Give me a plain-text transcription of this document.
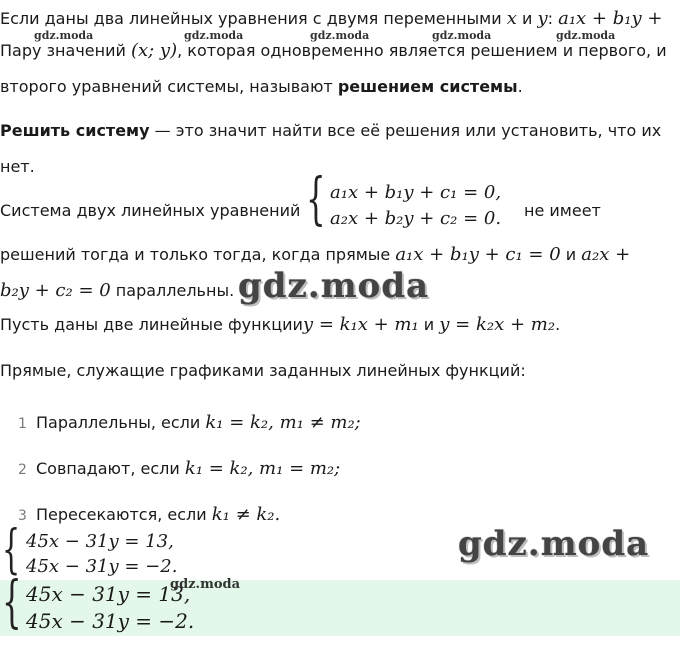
Если даны два линейных уравнения с двумя переменными x и y: a₁x + b₁y +
gdz.moda	gdz.moda	gdz.moda	gdz.moda	gdz.moda
Пару значений (x; y), которая одновременно является решением и первого, и
второго уравнений системы, называют решением системы.
Решить систему — это значит найти все её решения или установить, что их
нет.
Система двух линейных уравнений { a₁x + b₁y + c₁ = 0,
a₂x + b₂y + c₂ = 0. не имеет
решений тогда и только тогда, когда прямые a₁x + b₁y + c₁ = 0 и a₂x +
b₂y + c₂ = 0 параллельны. gdz.moda
Пусть даны две линейные функцииy = k₁x + m₁ и y = k₂x + m₂.
Прямые, служащие графиками заданных линейных функций:
1 Параллельны, если k₁ = k₂, m₁ ≠ m₂;
2 Совпадают, если k₁ = k₂, m₁ = m₂;
3 Пересекаются, если k₁ ≠ k₂.
{ 45x − 31y = 13,
45x − 31y = −2.
gdz.moda
{ 45x − 31y = 13,
45x − 31y = −2.
gdz.moda
